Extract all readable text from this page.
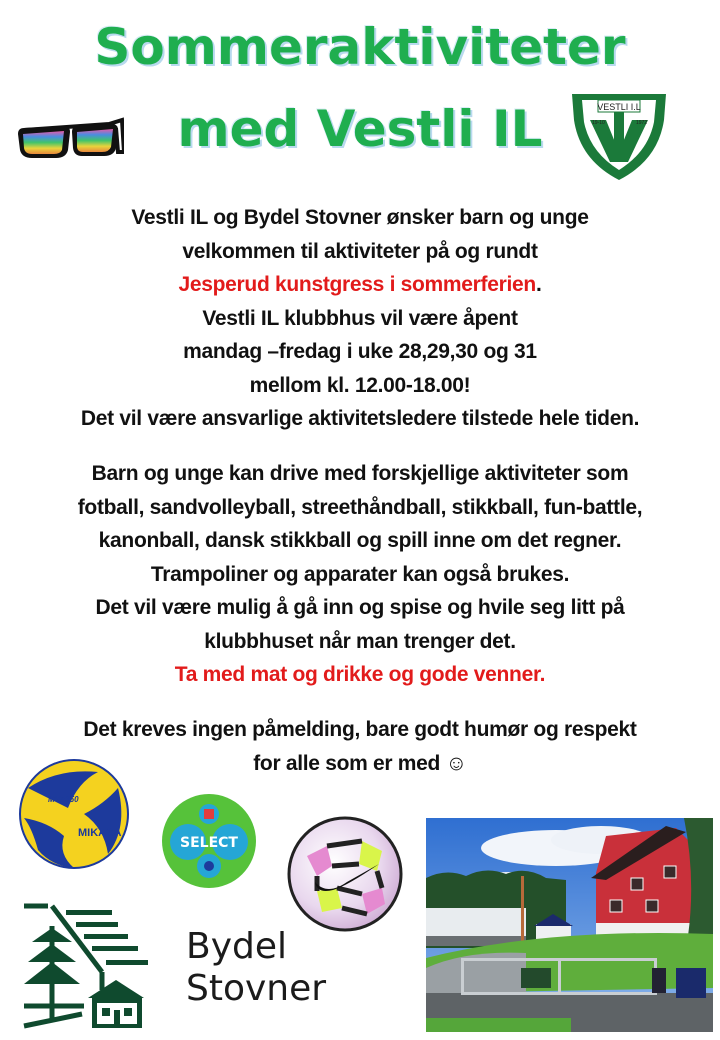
Sommeraktiviteter
med Vestli IL	VESTLI I.L
19-10	1972
Vestli IL og Bydel Stovner ønsker barn og unge
velkommen til aktiviteter på og rundt
Jesperud kunstgress i sommerferien.
Vestli IL klubbhus vil være åpent
mandag –fredag i uke 28,29,30 og 31
mellom kl. 12.00-18.00!
Det vil være ansvarlige aktivitetsledere tilstede hele tiden.
Barn og unge kan drive med forskjellige aktiviteter som
fotball, sandvolleyball, streethåndball, stikkball, fun-battle,
kanonball, dansk stikkball og spill inne om det regner.
Trampoliner og apparater kan også brukes.
Det vil være mulig å gå inn og spise og hvile seg litt på
klubbhuset når man trenger det.
Ta med mat og drikke og gode venner.
Det kreves ingen påmelding, bare godt humør og respekt
for alle som er med ☺
MVA350
MIKASA
SELECT
Bydel
Stovner
